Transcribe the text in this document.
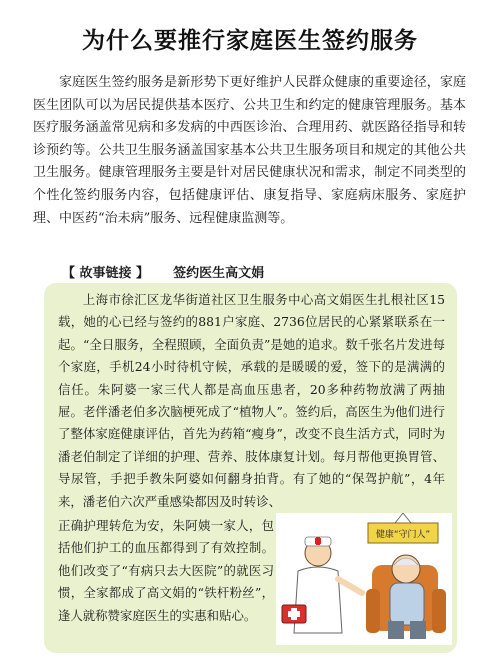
为什么要推行家庭医生签约服务

家庭医生签约服务是新形势下更好维护人民群众健康的重要途径，家庭医生团队可以为居民提供基本医疗、公共卫生和约定的健康管理服务。基本医疗服务涵盖常见病和多发病的中西医诊治、合理用药、就医路径指导和转诊预约等。公共卫生服务涵盖国家基本公共卫生服务项目和规定的其他公共卫生服务。健康管理服务主要是针对居民健康状况和需求，制定不同类型的个性化签约服务内容，包括健康评估、康复指导、家庭病床服务、家庭护理、中医药“治未病”服务、远程健康监测等。

【 故事链接 】 签约医生高文娟

上海市徐汇区龙华街道社区卫生服务中心高文娟医生扎根社区15载，她的心已经与签约的881户家庭、2736位居民的心紧紧联系在一起。“全日服务，全程照顾，全面负责”是她的追求。数千张名片发进每个家庭，手机24小时待机守候，承载的是暖暖的爱，签下的是满满的信任。朱阿婆一家三代人都是高血压患者，20多种药物放满了两抽屉。老伴潘老伯多次脑梗死成了“植物人”。签约后，高医生为他们进行了整体家庭健康评估，首先为药箱“瘦身”，改变不良生活方式，同时为潘老伯制定了详细的护理、营养、肢体康复计划。每月帮他更换胃管、导尿管，手把手教朱阿婆如何翻身拍背。有了她的“保驾护航”，4年来，潘老伯六次严重感染都因及时转诊、

正确护理转危为安，朱阿姨一家人，包括他们护工的血压都得到了有效控制。他们改变了“有病只去大医院”的就医习惯，全家都成了高文娟的“铁杆粉丝”，逢人就称赞家庭医生的实惠和贴心。
健康“守门人”
